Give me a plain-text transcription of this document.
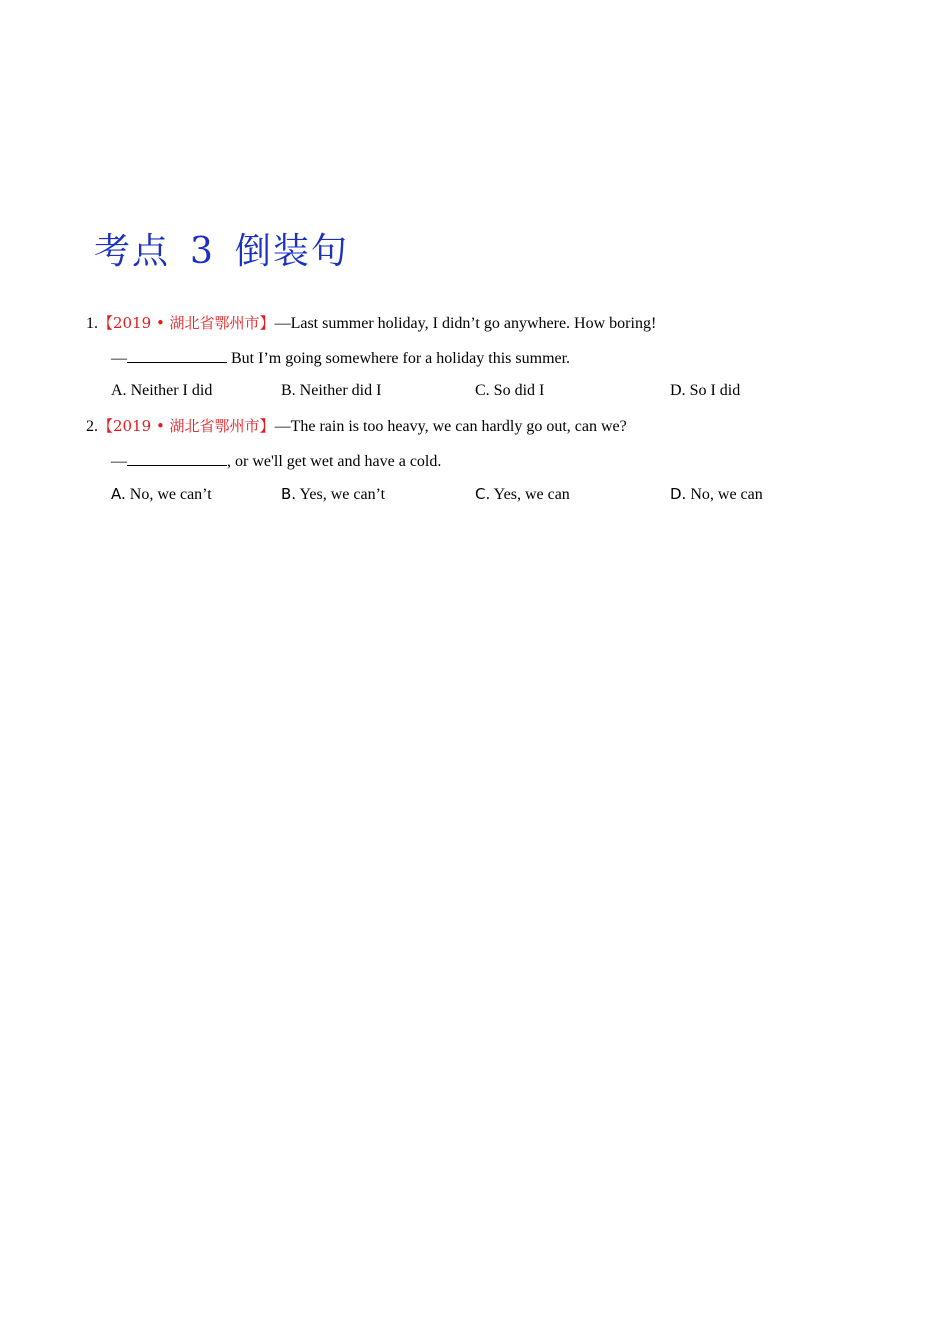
考点 3 倒装句
1.【2019 • 湖北省鄂州市】—Last summer holiday, I didn’t go anywhere. How boring!
—	But I’m going somewhere for a holiday this summer.
A. Neither I did	B. Neither did I	C. So did I	D. So I did
2.【2019 • 湖北省鄂州市】—The rain is too heavy, we can hardly go out, can we?
—	, or we'll get wet and have a cold.
A. No, we can’t	B. Yes, we can’t	C. Yes, we can	D. No, we can
